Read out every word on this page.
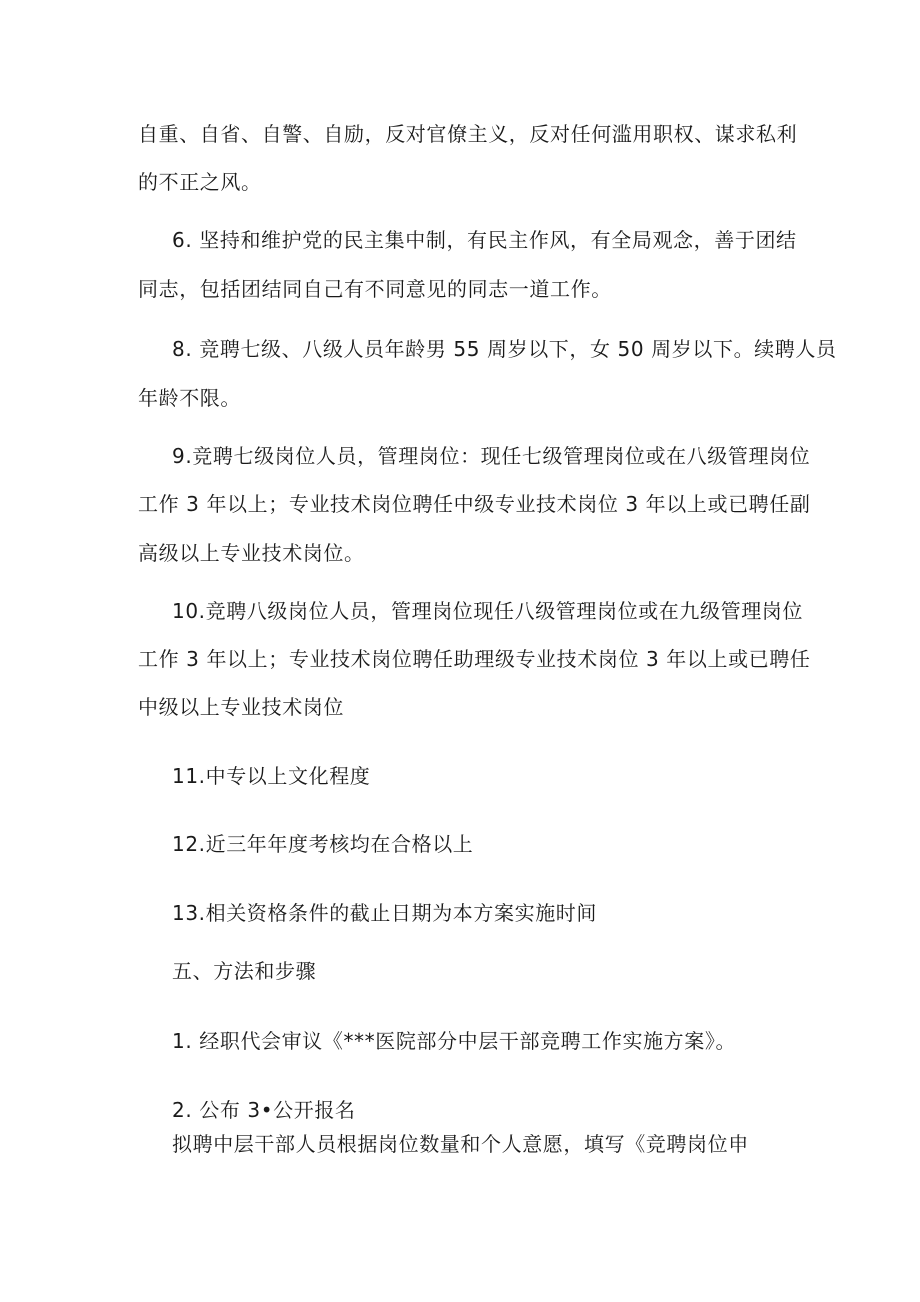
自重、自省、自警、自励，反对官僚主义，反对任何滥用职权、谋求私利
的不正之风。
6. 坚持和维护党的民主集中制，有民主作风，有全局观念，善于团结
同志，包括团结同自己有不同意见的同志一道工作。
8. 竞聘七级、八级人员年龄男 55 周岁以下，女 50 周岁以下。续聘人员
年龄不限。
9.竞聘七级岗位人员，管理岗位：现任七级管理岗位或在八级管理岗位
工作 3 年以上；专业技术岗位聘任中级专业技术岗位 3 年以上或已聘任副
高级以上专业技术岗位。
10.竞聘八级岗位人员，管理岗位现任八级管理岗位或在九级管理岗位
工作 3 年以上；专业技术岗位聘任助理级专业技术岗位 3 年以上或已聘任
中级以上专业技术岗位
11.中专以上文化程度
12.近三年年度考核均在合格以上
13.相关资格条件的截止日期为本方案实施时间
五、方法和步骤
1. 经职代会审议《***医院部分中层干部竞聘工作实施方案》。
2. 公布 3•公开报名
拟聘中层干部人员根据岗位数量和个人意愿，填写《竞聘岗位申
